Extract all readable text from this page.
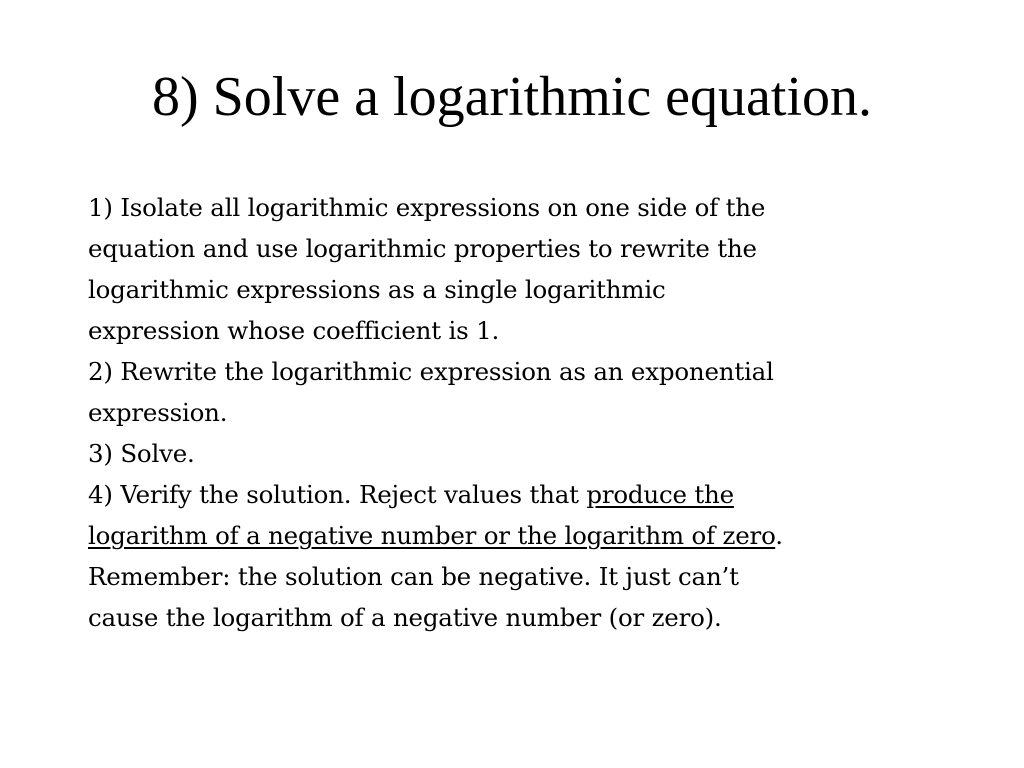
8) Solve a logarithmic equation.
1) Isolate all logarithmic expressions on one side of the
equation and use logarithmic properties to rewrite the
logarithmic expressions as a single logarithmic
expression whose coefficient is 1.
2) Rewrite the logarithmic expression as an exponential
expression.
3) Solve.
4) Verify the solution. Reject values that produce the
logarithm of a negative number or the logarithm of zero.
Remember: the solution can be negative. It just can’t
cause the logarithm of a negative number (or zero).
